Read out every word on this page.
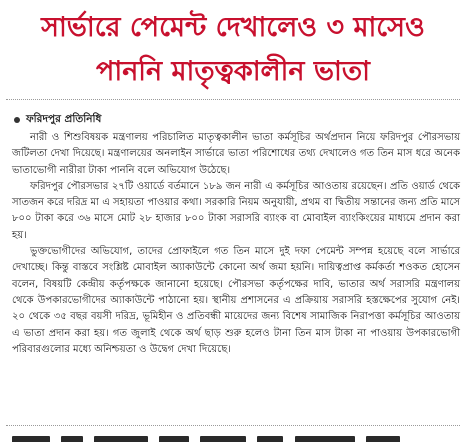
সার্ভারে পেমেন্ট দেখালেও ৩ মাসেও
পাননি মাতৃত্বকালীন ভাতা
ফরিদপুর প্রতিনিধি

নারী ও শিশুবিষয়ক মন্ত্রণালয় পরিচালিত মাতৃত্বকালীন ভাতা কর্মসূচির অর্থপ্রদান নিয়ে ফরিদপুর পৌরসভায় জটিলতা দেখা দিয়েছে। মন্ত্রণালয়ের অনলাইন সার্ভারে ভাতা পরিশোধের তথ্য দেখালেও গত তিন মাস ধরে অনেক ভাতাভোগী নারীরা টাকা পাননি বলে অভিযোগ উঠেছে।

ফরিদপুর পৌরসভার ২৭টি ওয়ার্ডে বর্তমানে ১৮৯ জন নারী এ কর্মসূচির আওতায় রয়েছেন। প্রতি ওয়ার্ড থেকে সাতজন করে দরিদ্র মা এ সহায়তা পাওয়ার কথা। সরকারি নিয়ম অনুযায়ী, প্রথম বা দ্বিতীয় সন্তানের জন্য প্রতি মাসে ৮০০ টাকা করে ৩৬ মাসে মোট ২৮ হাজার ৮০০ টাকা সরাসরি ব্যাংক বা মোবাইল ব্যাংকিংয়ের মাধ্যমে প্রদান করা হয়।

ভুক্তভোগীদের অভিযোগ, তাদের প্রোফাইলে গত তিন মাসে দুই দফা পেমেন্ট সম্পন্ন হয়েছে বলে সার্ভারে দেখাচ্ছে। কিন্তু বাস্তবে সংশ্লিষ্ট মোবাইল অ্যাকাউন্টে কোনো অর্থ জমা হয়নি। দায়িত্বপ্রাপ্ত কর্মকর্তা শওকত হোসেন বলেন, বিষয়টি কেন্দ্রীয় কর্তৃপক্ষকে জানানো হয়েছে। পৌরসভা কর্তৃপক্ষের দাবি, ভাতার অর্থ সরাসরি মন্ত্রণালয় থেকে উপকারভোগীদের অ্যাকাউন্টে পাঠানো হয়। স্থানীয় প্রশাসনের এ প্রক্রিয়ায় সরাসরি হস্তক্ষেপের সুযোগ নেই। ২০ থেকে ৩৫ বছর বয়সী দরিদ্র, ভূমিহীন ও প্রতিবন্ধী মায়েদের জন্য বিশেষ সামাজিক নিরাপত্তা কর্মসূচির আওতায় এ ভাতা প্রদান করা হয়। গত জুলাই থেকে অর্থ ছাড় শুরু হলেও টানা তিন মাস টাকা না পাওয়ায় উপকারভোগী পরিবারগুলোর মধ্যে অনিশ্চয়তা ও উদ্বেগ দেখা দিয়েছে।
